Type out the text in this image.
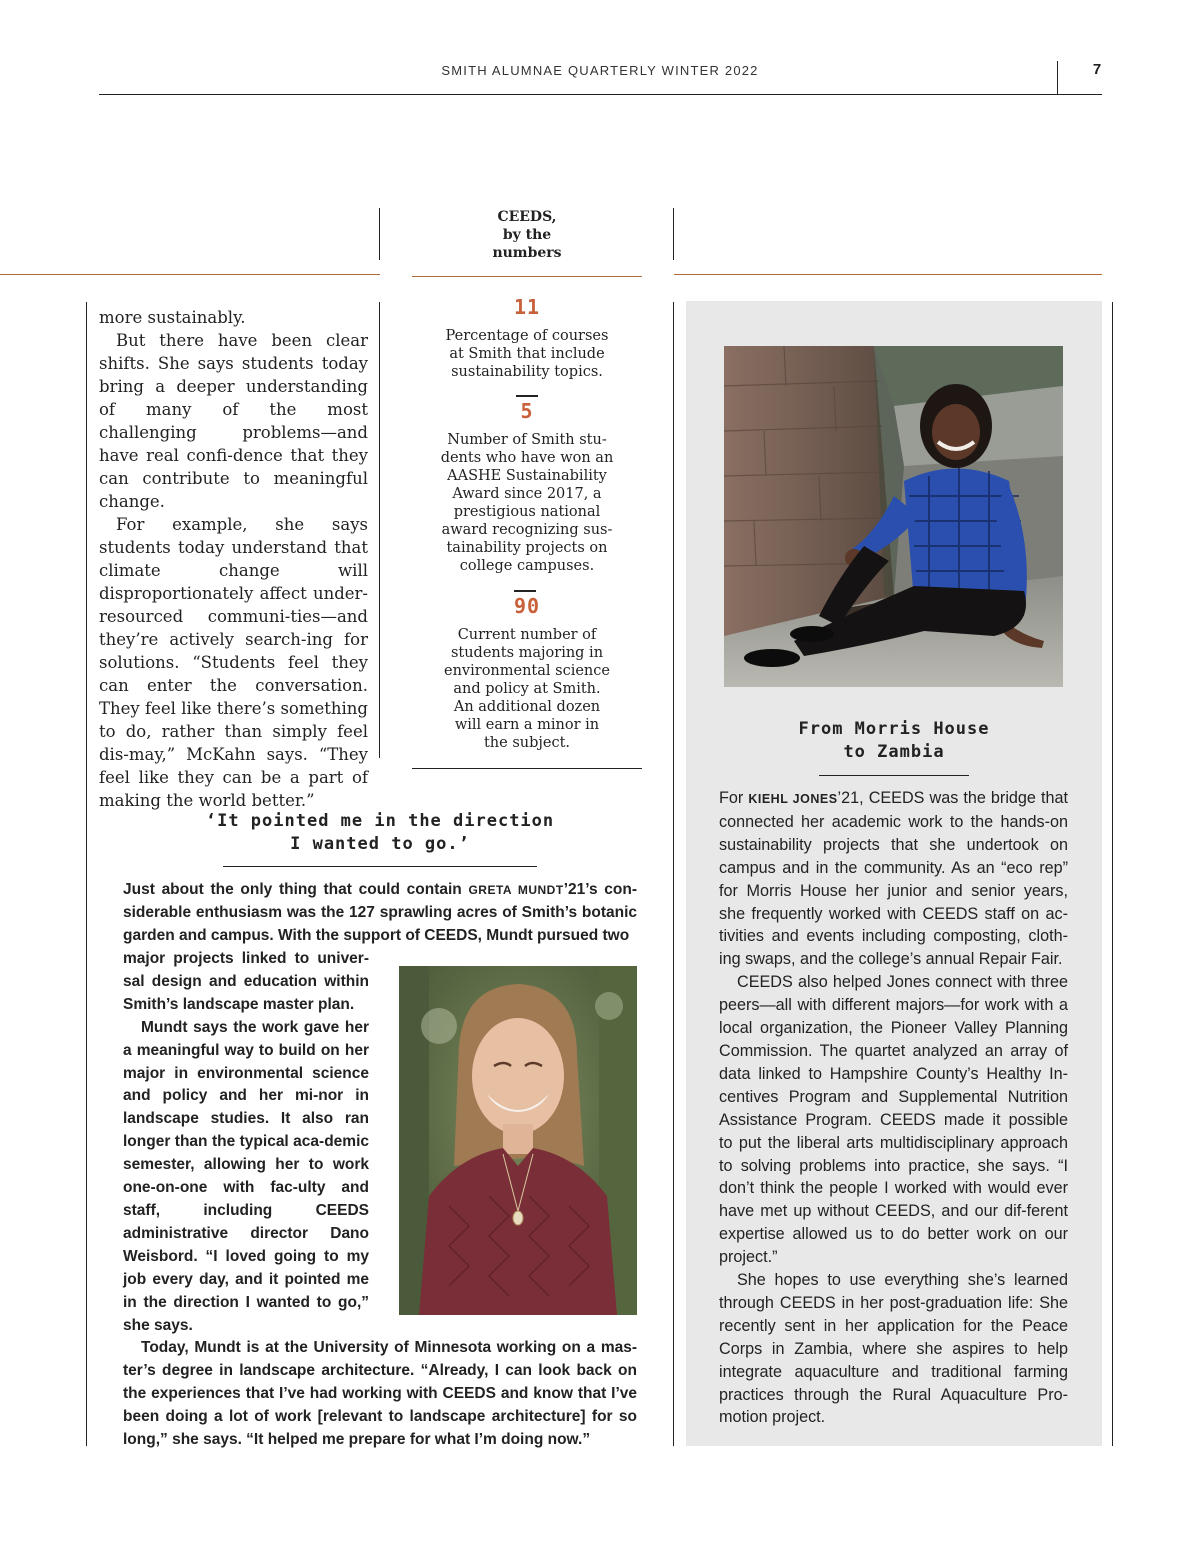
SMITH ALUMNAE QUARTERLY WINTER 2022	7
CEEDS,
by the
numbers
11
Percentage of courses
at Smith that include
sustainability topics.
5
Number of Smith stu-
dents who have won an
AASHE Sustainability
Award since 2017, a
prestigious national
award recognizing sus-
tainability projects on
college campuses.
90
Current number of
students majoring in
environmental science
and policy at Smith.
An additional dozen
will earn a minor in
the subject.

more sustainably.

But there have been clear shifts. She says students today bring a deeper understanding of many of the most challenging problems—and have real confi-dence that they can contribute to meaningful change.

For example, she says students today understand that climate change will disproportionately affect under-resourced communi-ties—and they’re actively search-ing for solutions. “Students feel they can enter the conversation. They feel like there’s something to do, rather than simply feel dis-may,” McKahn says. “They feel like they can be a part of making the world better.”

From Morris House
to Zambia

For KIEHL JONES’21, CEEDS was the bridge that connected her academic work to the hands-on sustainability projects that she undertook on campus and in the community. As an “eco rep” for Morris House her junior and senior years, she frequently worked with CEEDS staff on ac-tivities and events including composting, cloth-ing swaps, and the college’s annual Repair Fair.

CEEDS also helped Jones connect with three peers—all with different majors—for work with a local organization, the Pioneer Valley Planning Commission. The quartet analyzed an array of data linked to Hampshire County’s Healthy In-centives Program and Supplemental Nutrition Assistance Program. CEEDS made it possible to put the liberal arts multidisciplinary approach to solving problems into practice, she says. “I don’t think the people I worked with would ever have met up without CEEDS, and our dif-ferent expertise allowed us to do better work on our project.”

She hopes to use everything she’s learned through CEEDS in her post-graduation life: She recently sent in her application for the Peace Corps in Zambia, where she aspires to help integrate aquaculture and traditional farming practices through the Rural Aquaculture Pro-motion project.

‘It pointed me in the direction
I wanted to go.’

Just about the only thing that could contain GRETA MUNDT’21’s con-siderable enthusiasm was the 127 sprawling acres of Smith’s botanic garden and campus. With the support of CEEDS, Mundt pursued two

major projects linked to univer-sal design and education within Smith’s landscape master plan.

Mundt says the work gave her a meaningful way to build on her major in environmental science and policy and her mi-nor in landscape studies. It also ran longer than the typical aca-demic semester, allowing her to work one-on-one with fac-ulty and staff, including CEEDS administrative director Dano Weisbord. “I loved going to my job every day, and it pointed me in the direction I wanted to go,” she says.

Today, Mundt is at the University of Minnesota working on a mas-ter’s degree in landscape architecture. “Already, I can look back on the experiences that I’ve had working with CEEDS and know that I’ve been doing a lot of work [relevant to landscape architecture] for so long,” she says. “It helped me prepare for what I’m doing now.”
